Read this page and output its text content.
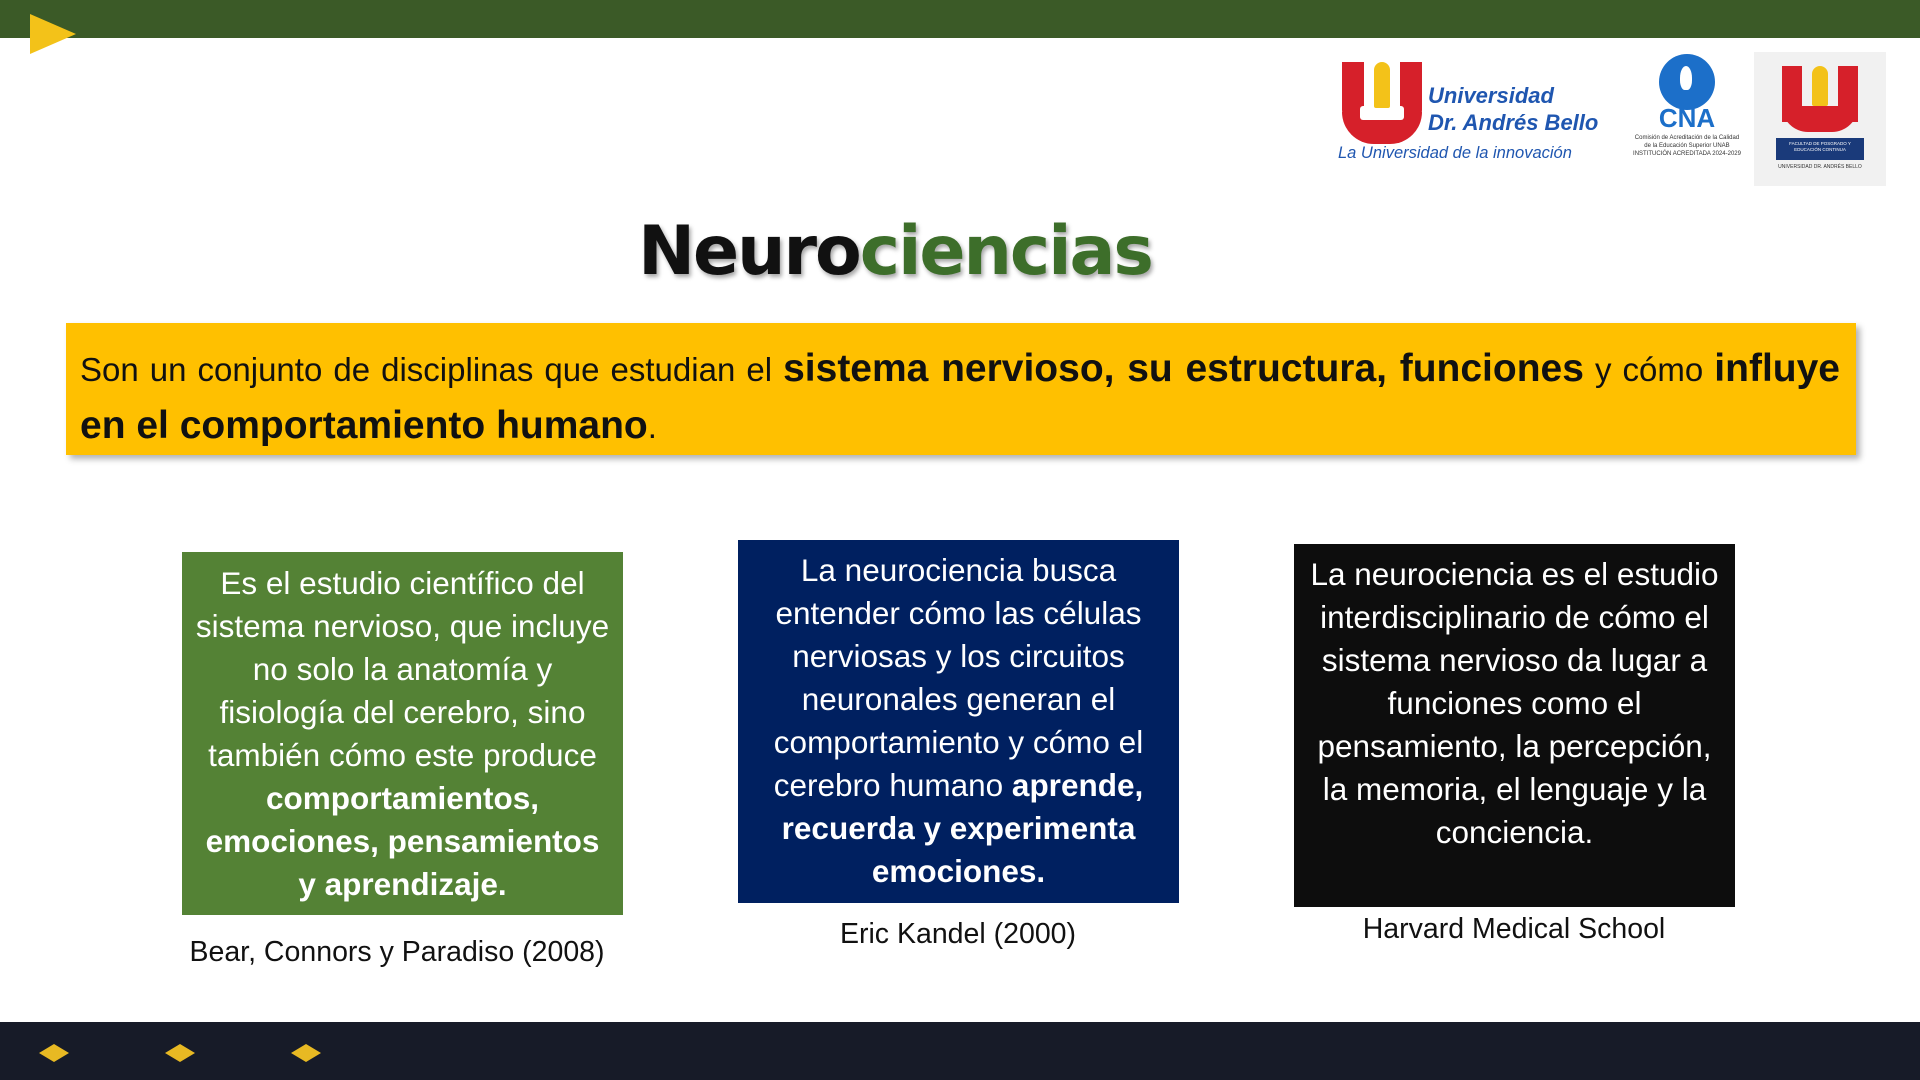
Universidad
Dr. Andrés Bello
La Universidad de la innovación
CNA
Comisión de Acreditación de la Calidad de la Educación Superior UNAB INSTITUCIÓN ACREDITADA 2024-2029
FACULTAD DE POSGRADO Y EDUCACIÓN CONTINUA
UNIVERSIDAD DR. ANDRÉS BELLO
Neurociencias

Son un conjunto de disciplinas que estudian el sistema nervioso, su estructura, funciones y cómo influye en el comportamiento humano.

Es el estudio científico del sistema nervioso, que incluye no solo la anatomía y fisiología del cerebro, sino también cómo este produce comportamientos, emociones, pensamientos y aprendizaje.

Bear, Connors y Paradiso (2008)

La neurociencia busca entender cómo las células nerviosas y los circuitos neuronales generan el comportamiento y cómo el cerebro humano aprende, recuerda y experimenta emociones.

Eric Kandel (2000)

La neurociencia es el estudio interdisciplinario de cómo el sistema nervioso da lugar a funciones como el pensamiento, la percepción, la memoria, el lenguaje y la conciencia.

Harvard Medical School
